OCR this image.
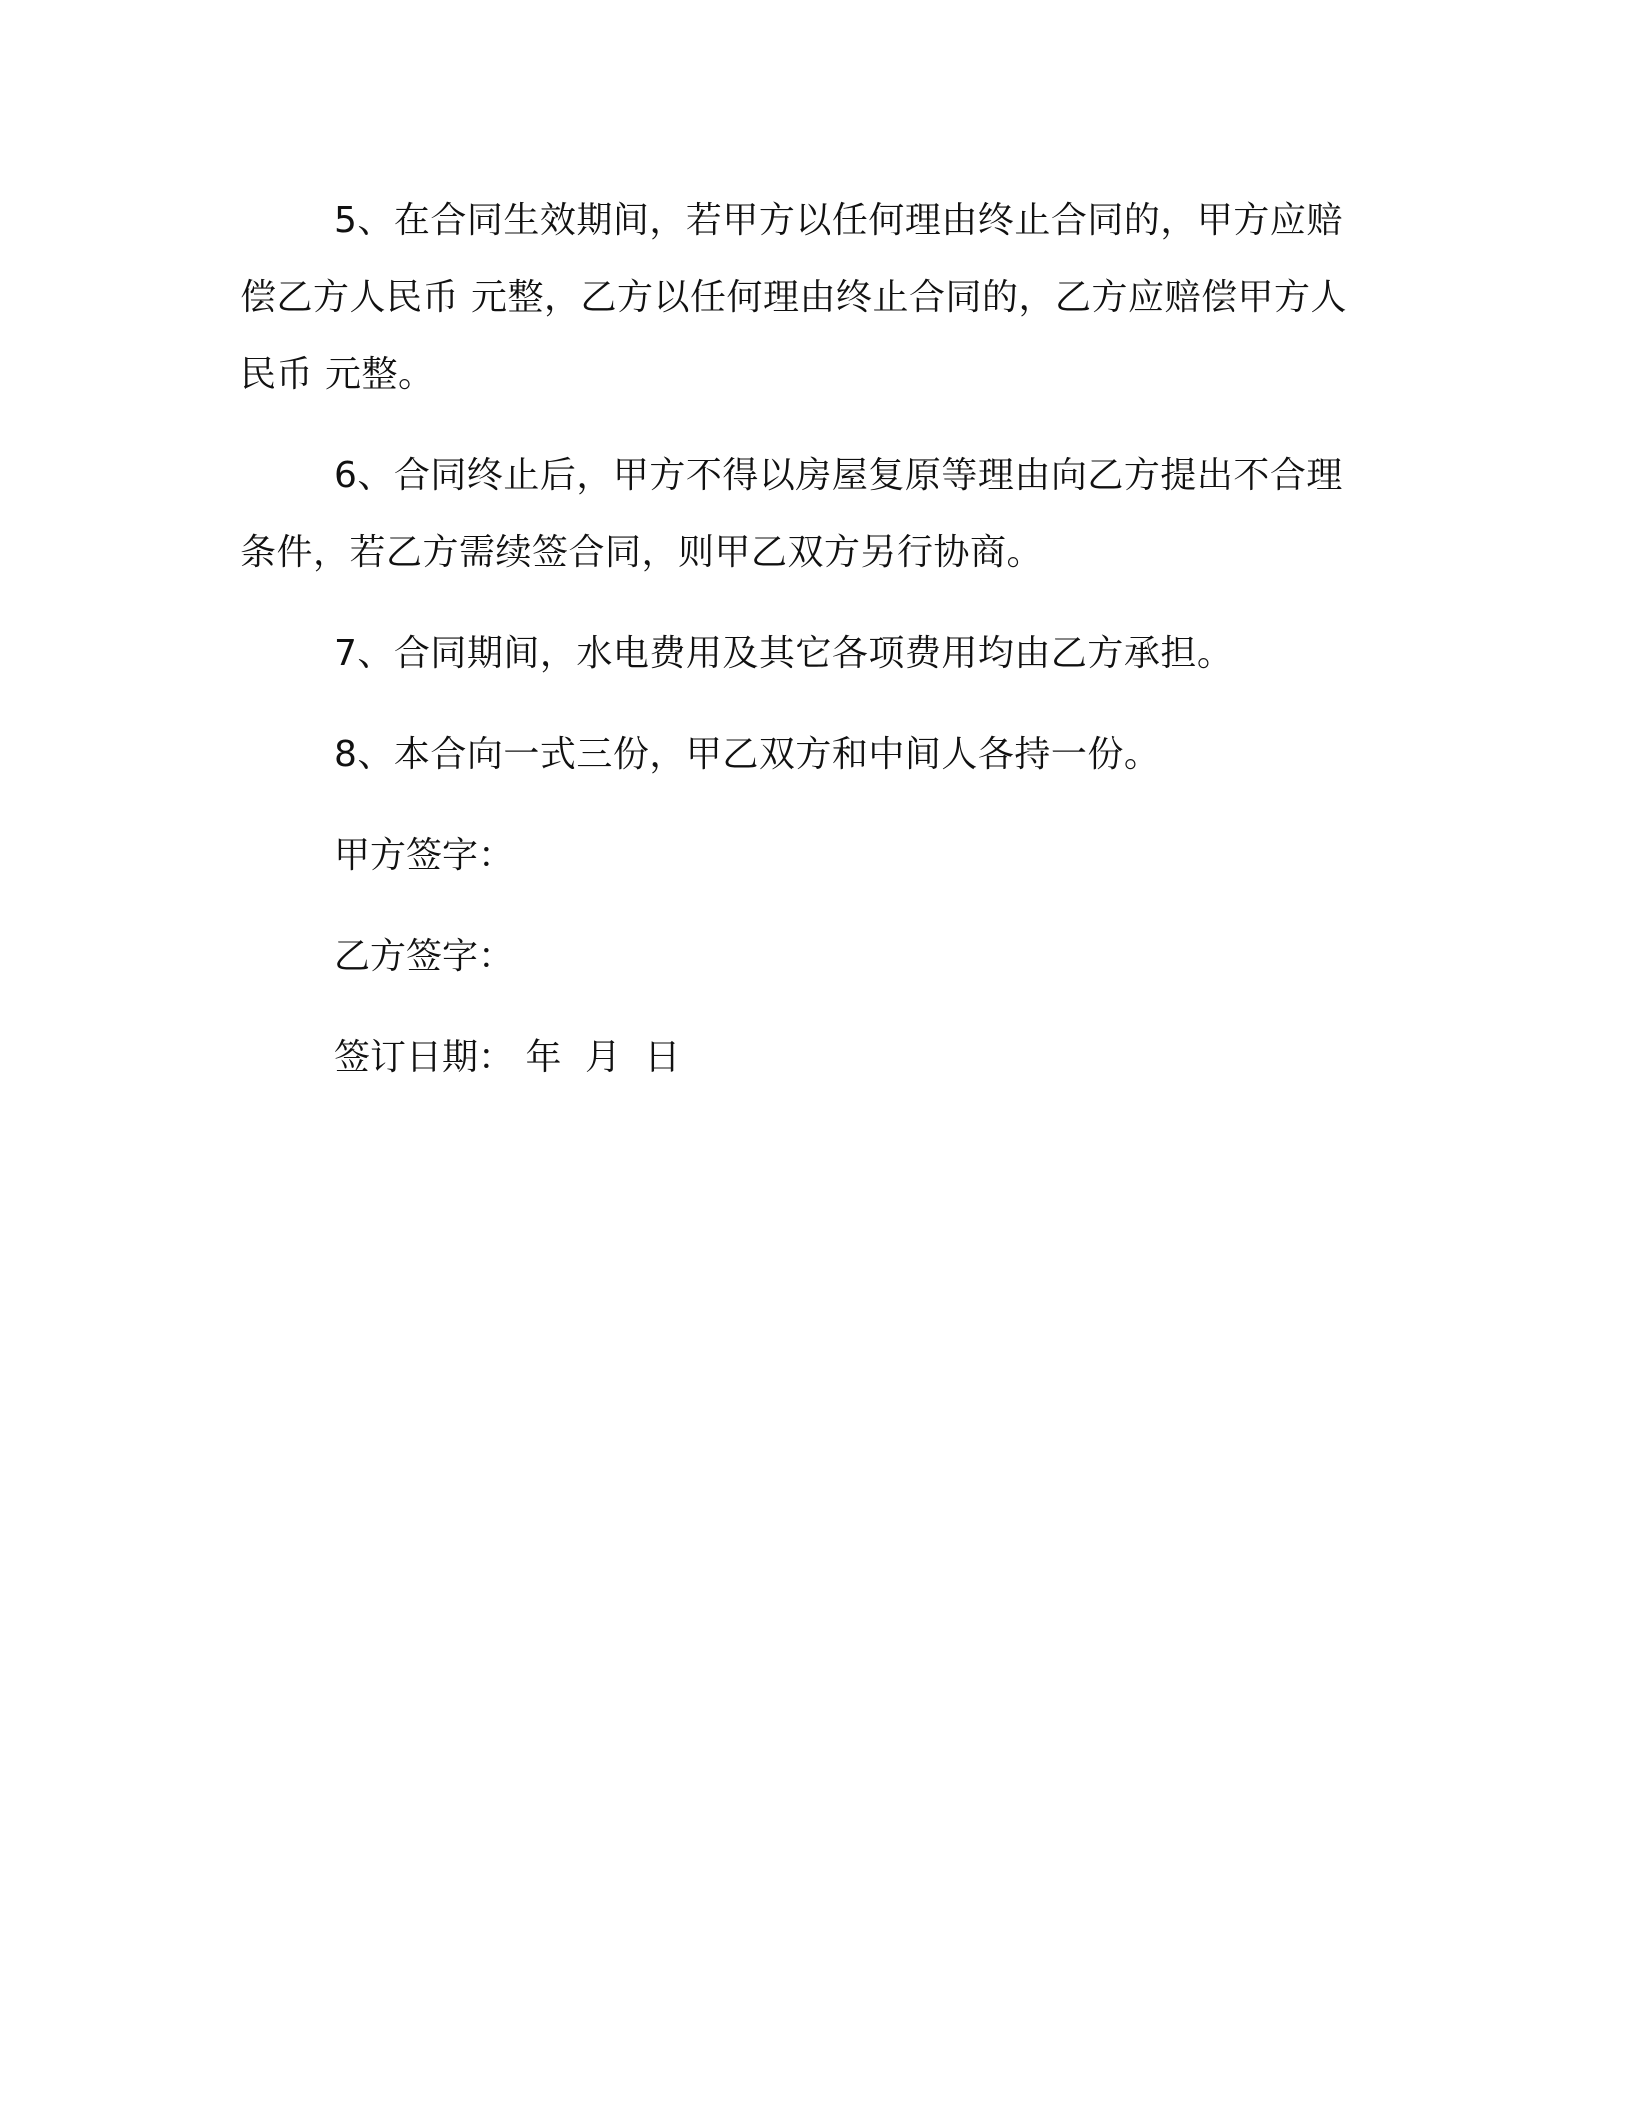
5、在合同生效期间，若甲方以任何理由终止合同的，甲方应赔偿乙方人民币 元整，乙方以任何理由终止合同的，乙方应赔偿甲方人民币 元整。

6、合同终止后，甲方不得以房屋复原等理由向乙方提出不合理条件，若乙方需续签合同，则甲乙双方另行协商。

7、合同期间，水电费用及其它各项费用均由乙方承担。

8、本合向一式三份，甲乙双方和中间人各持一份。

甲方签字：

乙方签字：

签订日期： 年 月 日
